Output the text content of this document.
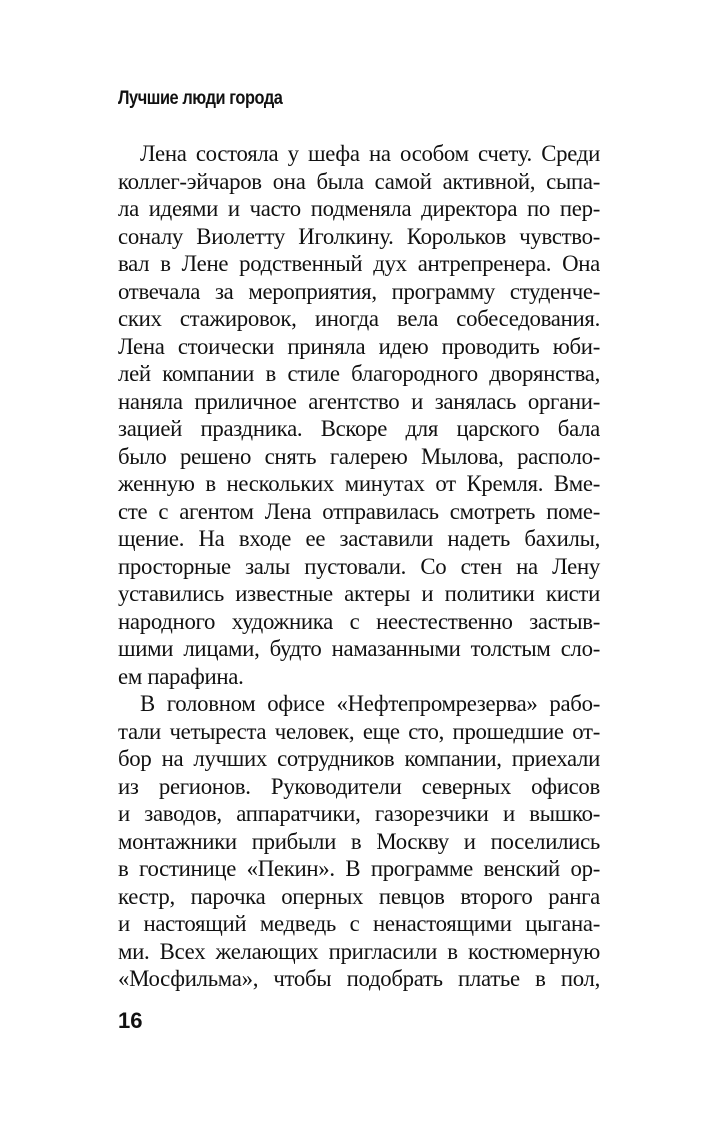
Лучшие люди города
Лена состояла у шефа на особом счету. Среди
коллег-эйчаров она была самой активной, сыпа-
ла идеями и часто подменяла директора по пер-
соналу Виолетту Иголкину. Корольков чувство-
вал в Лене родственный дух антрепренера. Она
отвечала за мероприятия, программу студенче-
ских стажировок, иногда вела собеседования.
Лена стоически приняла идею проводить юби-
лей компании в стиле благородного дворянства,
наняла приличное агентство и занялась органи-
зацией праздника. Вскоре для царского бала
было решено снять галерею Мылова, располо-
женную в нескольких минутах от Кремля. Вме-
сте с агентом Лена отправилась смотреть поме-
щение. На входе ее заставили надеть бахилы,
просторные залы пустовали. Со стен на Лену
уставились известные актеры и политики кисти
народного художника с неестественно застыв-
шими лицами, будто намазанными толстым сло-
ем парафина.
В головном офисе «Нефтепромрезерва» рабо-
тали четыреста человек, еще сто, прошедшие от-
бор на лучших сотрудников компании, приехали
из регионов. Руководители северных офисов
и заводов, аппаратчики, газорезчики и вышко-
монтажники прибыли в Москву и поселились
в гостинице «Пекин». В программе венский ор-
кестр, парочка оперных певцов второго ранга
и настоящий медведь с ненастоящими цыгана-
ми. Всех желающих пригласили в костюмерную
«Мосфильма», чтобы подобрать платье в пол,
16
